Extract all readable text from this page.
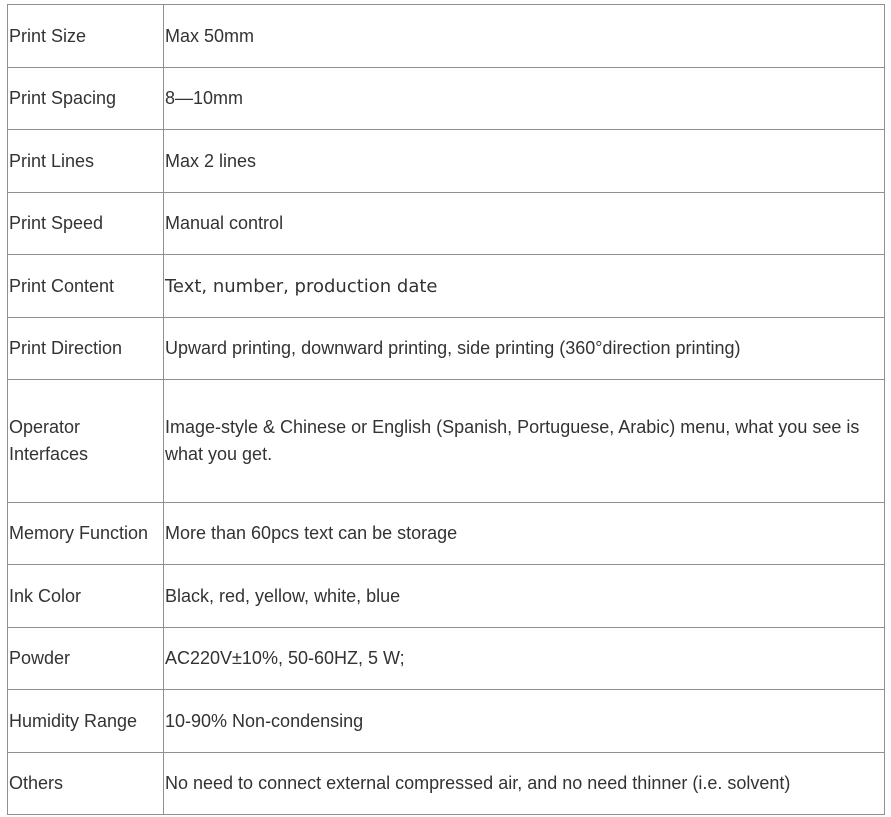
Print Size	Max 50mm
Print Spacing	8—10mm
Print Lines	Max 2 lines
Print Speed	Manual control
Print Content	Text, number, production date
Print Direction	Upward printing, downward printing, side printing (360°direction printing)
Operator Interfaces	Image-style & Chinese or English (Spanish, Portuguese, Arabic) menu, what you see is what you get.
Memory Function	More than 60pcs text can be storage
Ink Color	Black, red, yellow, white, blue
Powder	AC220V±10%, 50-60HZ, 5 W;
Humidity Range	10-90% Non-condensing
Others	No need to connect external compressed air, and no need thinner (i.e. solvent)
